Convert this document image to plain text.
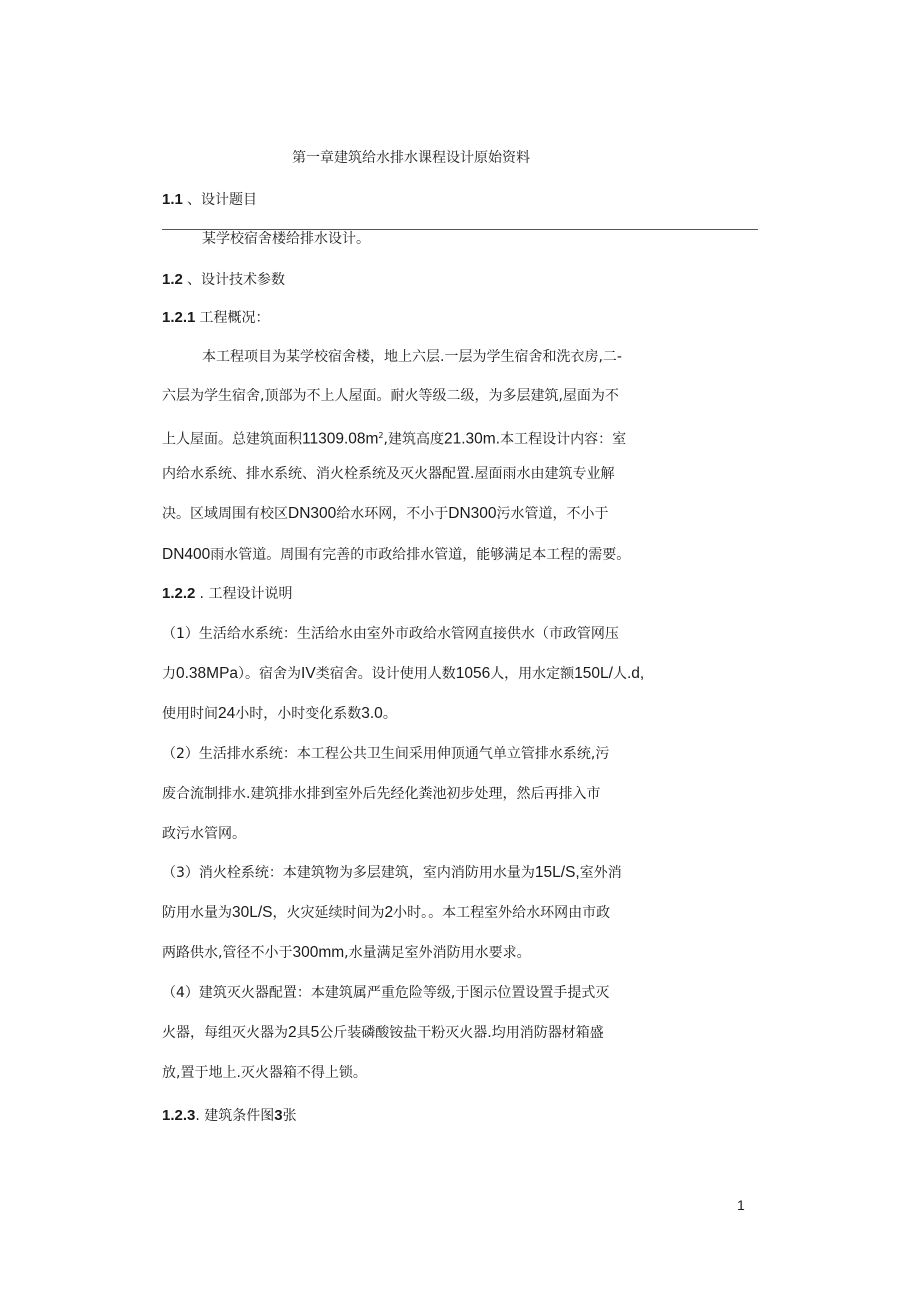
第一章建筑给水排水课程设计原始资料
1.1 、设计题目
某学校宿舍楼给排水设计。
1.2 、设计技术参数
1.2.1 工程概况：
本工程项目为某学校宿舍楼，地上六层.一层为学生宿舍和洗衣房,二-
六层为学生宿舍,顶部为不上人屋面。耐火等级二级，为多层建筑,屋面为不
上人屋面。总建筑面积$11309.08m^2$,建筑高度21.30m.本工程设计内容：室
内给水系统、排水系统、消火栓系统及灭火器配置.屋面雨水由建筑专业解
决。区域周围有校区DN300给水环网，不小于DN300污水管道，不小于
DN400雨水管道。周围有完善的市政给排水管道，能够满足本工程的需要。
1.2.2 . 工程设计说明
（1）生活给水系统：生活给水由室外市政给水管网直接供水（市政管网压
力0.38MPa）。宿舍为IV类宿舍。设计使用人数1056人，用水定额150L/人.d,
使用时间24小时，小时变化系数3.0。
（2）生活排水系统：本工程公共卫生间采用伸顶通气单立管排水系统,污
废合流制排水.建筑排水排到室外后先经化粪池初步处理，然后再排入市
政污水管网。
（3）消火栓系统：本建筑物为多层建筑，室内消防用水量为15L/S,室外消
防用水量为30L/S，火灾延续时间为2小时。。本工程室外给水环网由市政
两路供水,管径不小于300mm,水量满足室外消防用水要求。
（4）建筑灭火器配置：本建筑属严重危险等级,于图示位置设置手提式灭
火器，每组灭火器为2具5公斤装磷酸铵盐干粉灭火器.均用消防器材箱盛
放,置于地上.灭火器箱不得上锁。
1.2.3. 建筑条件图3张
1
